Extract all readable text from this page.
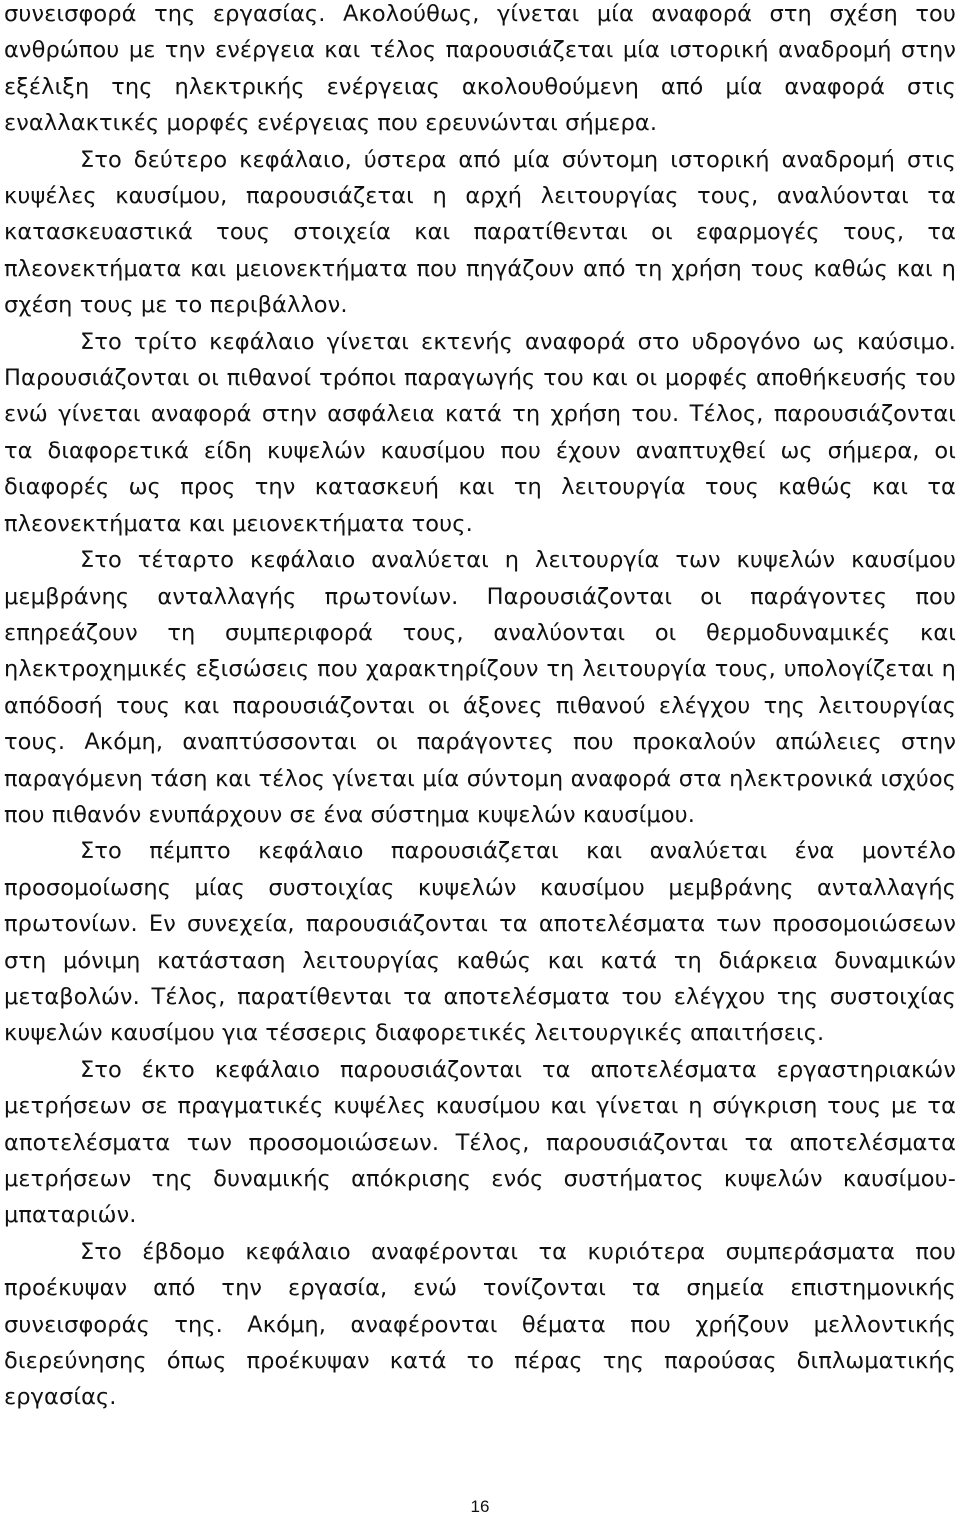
συνεισφορά της εργασίας. Ακολούθως, γίνεται μία αναφορά στη σχέση του ανθρώπου με την ενέργεια και τέλος παρουσιάζεται μία ιστορική αναδρομή στην εξέλιξη της ηλεκτρικής ενέργειας ακολουθούμενη από μία αναφορά στις εναλλακτικές μορφές ενέργειας που ερευνώνται σήμερα.

Στο δεύτερο κεφάλαιο, ύστερα από μία σύντομη ιστορική αναδρομή στις κυψέλες καυσίμου, παρουσιάζεται η αρχή λειτουργίας τους, αναλύονται τα κατασκευαστικά τους στοιχεία και παρατίθενται οι εφαρμογές τους, τα πλεονεκτήματα και μειονεκτήματα που πηγάζουν από τη χρήση τους καθώς και η σχέση τους με το περιβάλλον.

Στο τρίτο κεφάλαιο γίνεται εκτενής αναφορά στο υδρογόνο ως καύσιμο. Παρουσιάζονται οι πιθανοί τρόποι παραγωγής του και οι μορφές αποθήκευσής του ενώ γίνεται αναφορά στην ασφάλεια κατά τη χρήση του. Τέλος, παρουσιάζονται τα διαφορετικά είδη κυψελών καυσίμου που έχουν αναπτυχθεί ως σήμερα, οι διαφορές ως προς την κατασκευή και τη λειτουργία τους καθώς και τα πλεονεκτήματα και μειονεκτήματα τους.

Στο τέταρτο κεφάλαιο αναλύεται η λειτουργία των κυψελών καυσίμου μεμβράνης ανταλλαγής πρωτονίων. Παρουσιάζονται οι παράγοντες που επηρεάζουν τη συμπεριφορά τους, αναλύονται οι θερμοδυναμικές και ηλεκτροχημικές εξισώσεις που χαρακτηρίζουν τη λειτουργία τους, υπολογίζεται η απόδοσή τους και παρουσιάζονται οι άξονες πιθανού ελέγχου της λειτουργίας τους. Ακόμη, αναπτύσσονται οι παράγοντες που προκαλούν απώλειες στην παραγόμενη τάση και τέλος γίνεται μία σύντομη αναφορά στα ηλεκτρονικά ισχύος που πιθανόν ενυπάρχουν σε ένα σύστημα κυψελών καυσίμου.

Στο πέμπτο κεφάλαιο παρουσιάζεται και αναλύεται ένα μοντέλο προσομοίωσης μίας συστοιχίας κυψελών καυσίμου μεμβράνης ανταλλαγής πρωτονίων. Εν συνεχεία, παρουσιάζονται τα αποτελέσματα των προσομοιώσεων στη μόνιμη κατάσταση λειτουργίας καθώς και κατά τη διάρκεια δυναμικών μεταβολών. Τέλος, παρατίθενται τα αποτελέσματα του ελέγχου της συστοιχίας κυψελών καυσίμου για τέσσερις διαφορετικές λειτουργικές απαιτήσεις.

Στο έκτο κεφάλαιο παρουσιάζονται τα αποτελέσματα εργαστηριακών μετρήσεων σε πραγματικές κυψέλες καυσίμου και γίνεται η σύγκριση τους με τα αποτελέσματα των προσομοιώσεων. Τέλος, παρουσιάζονται τα αποτελέσματα μετρήσεων της δυναμικής απόκρισης ενός συστήματος κυψελών καυσίμου-μπαταριών.

Στο έβδομο κεφάλαιο αναφέρονται τα κυριότερα συμπεράσματα που προέκυψαν από την εργασία, ενώ τονίζονται τα σημεία επιστημονικής συνεισφοράς της. Ακόμη, αναφέρονται θέματα που χρήζουν μελλοντικής διερεύνησης όπως προέκυψαν κατά το πέρας της παρούσας διπλωματικής εργασίας.

16
